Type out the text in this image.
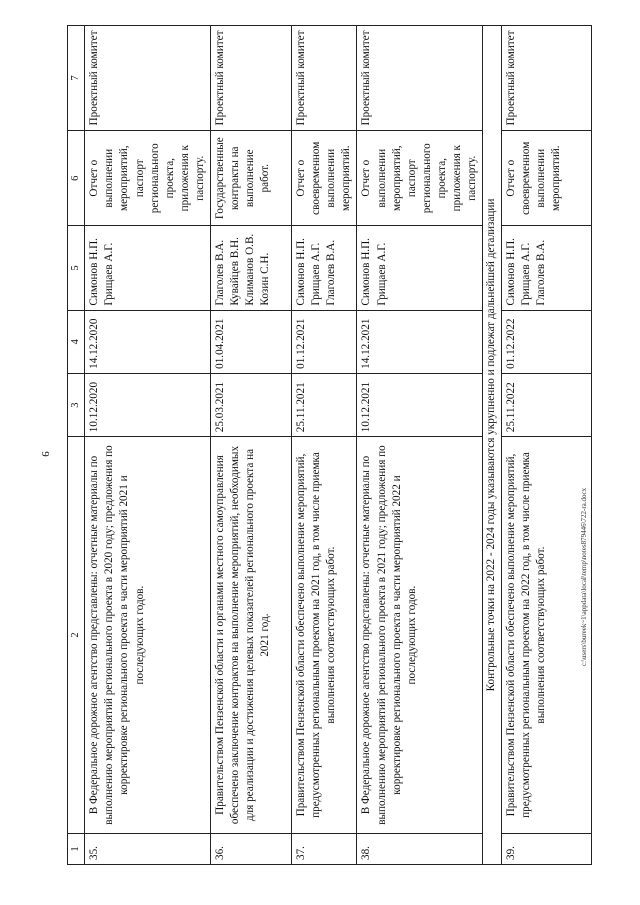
9
1	2	3	4	5	6	7
35.	В Федеральное дорожное агентство представлены: отчетные материалы по выполнению мероприятий регионального проекта в 2020 году; предложения по корректировке регионального проекта в части мероприятий 2021 и последующих годов.	10.12.2020	14.12.2020	Симонов Н.П. Грищаев А.Г.	Отчет о выполнении мероприятий, паспорт регионального проекта, приложения к паспорту.	Проектный комитет
36.	Правительством Пензенской области и органами местного самоуправления обеспечено заключение контрактов на выполнение мероприятий, необходимых для реализации и достижения целевых показателей регионального проекта на 2021 год.	25.03.2021	01.04.2021	Глаголев В.А. Кувайцев В.Н. Климанов О.В. Козин С.Н.	Государственные контракты на выполнение работ.	Проектный комитет
37.	Правительством Пензенской области обеспечено выполнение мероприятий, предусмотренных региональным проектом на 2021 год, в том числе приемка выполнения соответствующих работ.	25.11.2021	01.12.2021	Симонов Н.П. Грищаев А.Г. Глаголев В.А.	Отчет о своевременном выполнении мероприятий.	Проектный комитет
38.	В Федеральное дорожное агентство представлены: отчетные материалы по выполнению мероприятий регионального проекта в 2021 году; предложения по корректировке регионального проекта в части мероприятий 2022 и последующих годов.	10.12.2021	14.12.2021	Симонов Н.П. Грищаев А.Г.	Отчет о выполнении мероприятий, паспорт регионального проекта, приложения к паспорту.	Проектный комитет
Контрольные точки на 2022 - 2024 годы указываются укрупненно и подлежат дальнейшей детализации						
39.	Правительством Пензенской области обеспечено выполнение мероприятий, предусмотренных региональным проектом на 2022 год, в том числе приемка выполнения соответствующих работ.	25.11.2022	01.12.2022	Симонов Н.П. Грищаев А.Г. Глаголев В.А.	Отчет о своевременном выполнении мероприятий.	Проектный комитет
c:\users\bureek~1\appdata\local\temp\notes879446\722-ra.docx
